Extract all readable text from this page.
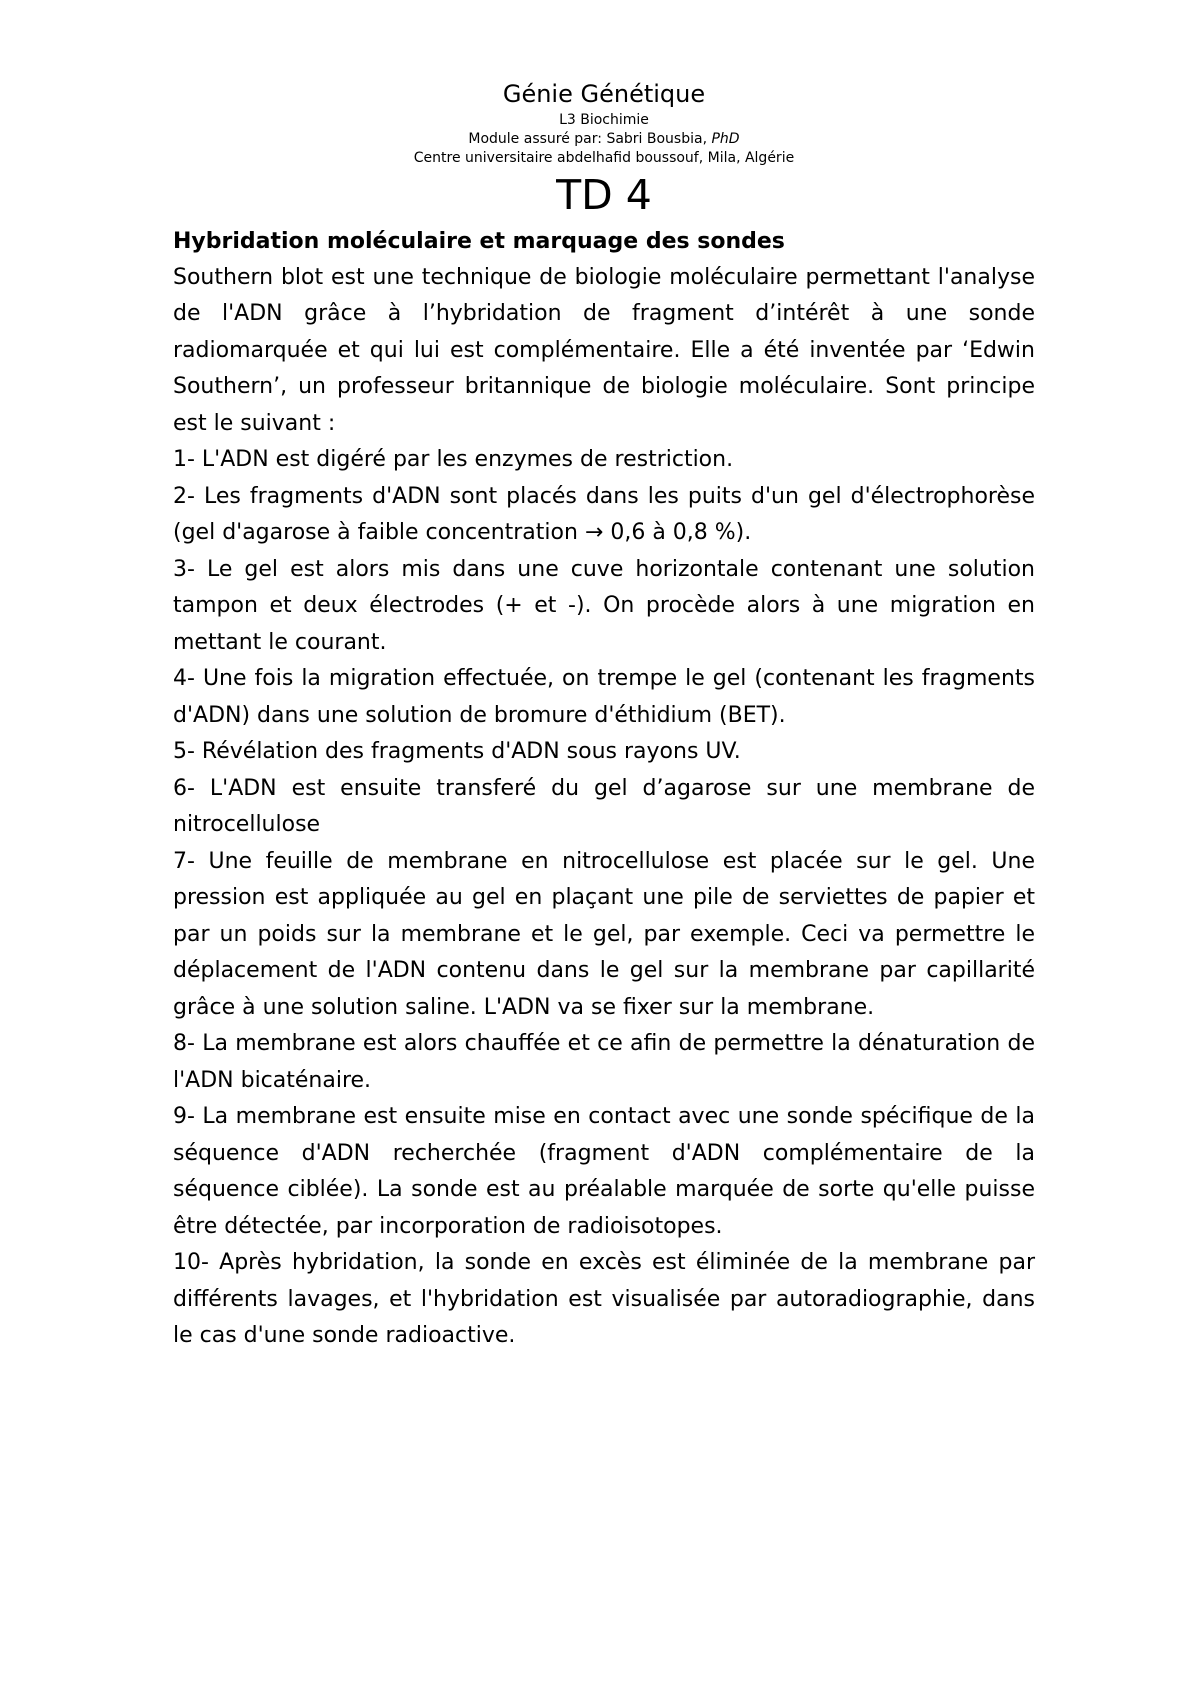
Génie Génétique
L3 Biochimie
Module assuré par: Sabri Bousbia, PhD
Centre universitaire abdelhafid boussouf, Mila, Algérie
TD 4
Hybridation moléculaire et marquage des sondes

Southern blot est une technique de biologie moléculaire permettant l'analyse de l'ADN grâce à l’hybridation de fragment d’intérêt à une sonde radiomarquée et qui lui est complémentaire. Elle a été inventée par ‘Edwin Southern’, un professeur britannique de biologie moléculaire. Sont principe est le suivant :

1- L'ADN est digéré par les enzymes de restriction.

2- Les fragments d'ADN sont placés dans les puits d'un gel d'électrophorèse (gel d'agarose à faible concentration → 0,6 à 0,8 %).

3- Le gel est alors mis dans une cuve horizontale contenant une solution tampon et deux électrodes (+ et -). On procède alors à une migration en mettant le courant.

4- Une fois la migration effectuée, on trempe le gel (contenant les fragments d'ADN) dans une solution de bromure d'éthidium (BET).

5- Révélation des fragments d'ADN sous rayons UV.

6- L'ADN est ensuite transferé du gel d’agarose sur une membrane de nitrocellulose

7- Une feuille de membrane en nitrocellulose est placée sur le gel. Une pression est appliquée au gel en plaçant une pile de serviettes de papier et par un poids sur la membrane et le gel, par exemple. Ceci va permettre le déplacement de l'ADN contenu dans le gel sur la membrane par capillarité grâce à une solution saline. L'ADN va se fixer sur la membrane.

8- La membrane est alors chauffée et ce afin de permettre la dénaturation de l'ADN bicaténaire.

9- La membrane est ensuite mise en contact avec une sonde spécifique de la séquence d'ADN recherchée (fragment d'ADN complémentaire de la séquence ciblée). La sonde est au préalable marquée de sorte qu'elle puisse être détectée, par incorporation de radioisotopes.

10- Après hybridation, la sonde en excès est éliminée de la membrane par différents lavages, et l'hybridation est visualisée par autoradiographie, dans le cas d'une sonde radioactive.
